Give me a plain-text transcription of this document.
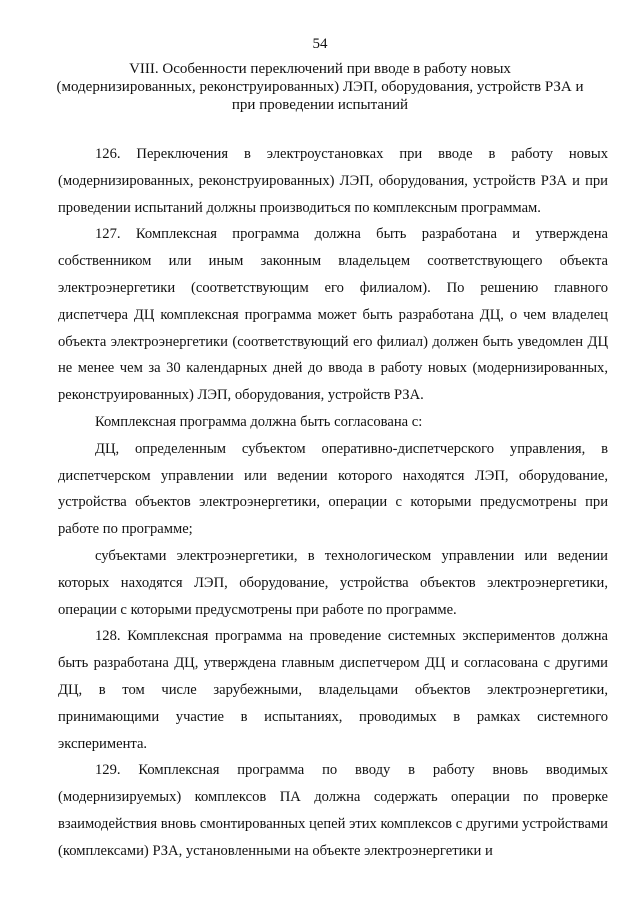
54
VIII. Особенности переключений при вводе в работу новых
(модернизированных, реконструированных) ЛЭП, оборудования, устройств РЗА и
при проведении испытаний

126. Переключения в электроустановках при вводе в работу новых (модернизированных, реконструированных) ЛЭП, оборудования, устройств РЗА и при проведении испытаний должны производиться по комплексным программам.

127. Комплексная программа должна быть разработана и утверждена собственником или иным законным владельцем соответствующего объекта электроэнергетики (соответствующим его филиалом). По решению главного диспетчера ДЦ комплексная программа может быть разработана ДЦ, о чем владелец объекта электроэнергетики (соответствующий его филиал) должен быть уведомлен ДЦ не менее чем за 30 календарных дней до ввода в работу новых (модернизированных, реконструированных) ЛЭП, оборудования, устройств РЗА.

Комплексная программа должна быть согласована с:

ДЦ, определенным субъектом оперативно-диспетчерского управления, в диспетчерском управлении или ведении которого находятся ЛЭП, оборудование, устройства объектов электроэнергетики, операции с которыми предусмотрены при работе по программе;

субъектами электроэнергетики, в технологическом управлении или ведении которых находятся ЛЭП, оборудование, устройства объектов электроэнергетики, операции с которыми предусмотрены при работе по программе.

128. Комплексная программа на проведение системных экспериментов должна быть разработана ДЦ, утверждена главным диспетчером ДЦ и согласована с другими ДЦ, в том числе зарубежными, владельцами объектов электроэнергетики, принимающими участие в испытаниях, проводимых в рамках системного эксперимента.

129. Комплексная программа по вводу в работу вновь вводимых (модернизируемых) комплексов ПА должна содержать операции по проверке взаимодействия вновь смонтированных цепей этих комплексов с другими устройствами (комплексами) РЗА, установленными на объекте электроэнергетики и
